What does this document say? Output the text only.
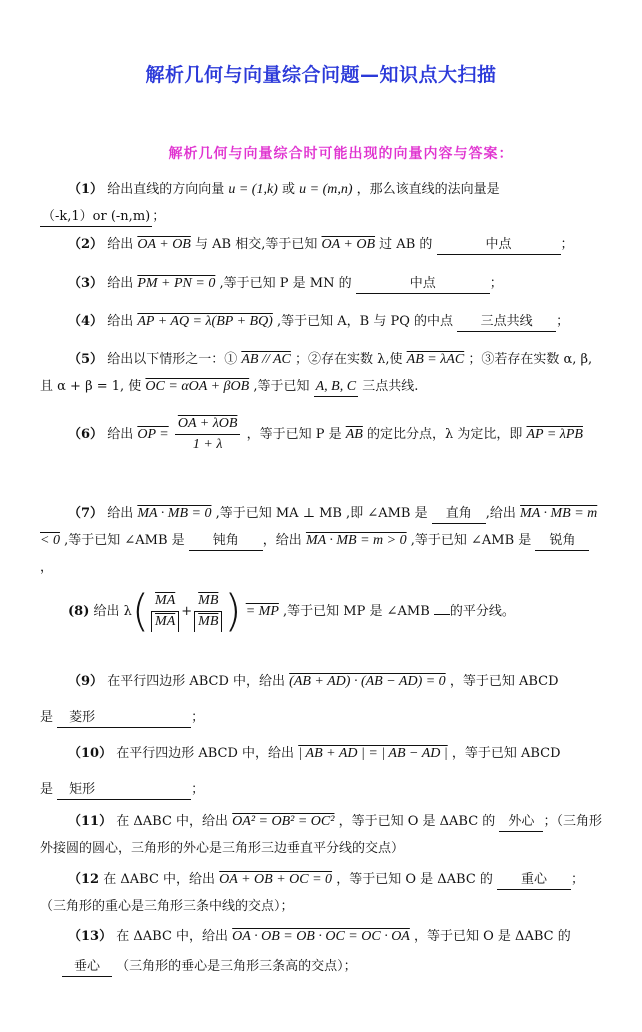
解析几何与向量综合问题—知识点大扫描
解析几何与向量综合时可能出现的向量内容与答案：
（1） 给出直线的方向向量 u = (1,k) 或 u = (m,n) ，那么该直线的法向量是 （-k,1）or (-n,m) ；
（2） 给出 OA + OB 与 AB 相交,等于已知 OA + OB 过 AB 的	中点	；
（3） 给出 PM + PN = 0 ,等于已知 P 是 MN 的	中点	；
（4） 给出 AP + AQ = λ(BP + BQ) ,等于已知 A，B 与 PQ 的中点 三点共线 ；
（5） 给出以下情形之一：① AB // AC ；②存在实数 λ,使 AB = λAC ；③若存在实数 α, β, 且 α + β = 1, 使 OC = αOA + βOB ,等于已知 A, B, C 三点共线.
（6） 给出 OP = $\frac{\text{OA + λOB}}{1 + \lambda}$ ，等于已知 P 是 $\overline{AB}$ 的定比分点，λ 为定比，即 AP = λPB
（7） 给出 MA · MB = 0 ,等于已知 MA ⊥ MB ,即 ∠AMB 是 直角 ,给出 MA · MB = m < 0 ,等于已知 ∠AMB 是 钝角 ，给出 MA · MB = m > 0 ,等于已知 ∠AMB 是 锐角，
(8) 给出 $\lambda( \frac{\overline{MA}}{MA} + \frac{\overline{MB}}{MB}$ ) = MP ,等于已知 MP 是 ∠AMB 的平分线。
（9） 在平行四边形 ABCD 中，给出 (AB + AD) · (AB − AD) = 0 ，等于已知 ABCD
是 菱形	；
（10） 在平行四边形 ABCD 中，给出 | AB + AD | = | AB − AD | ，等于已知 ABCD
是 矩形	；
（11） 在 ΔABC 中，给出 OA² = OB² = OC² ，等于已知 O 是 ΔABC 的 外心 ；（三角形外接圆的圆心，三角形的外心是三角形三边垂直平分线的交点）
（12 在 ΔABC 中，给出 OA + OB + OC = 0 ，等于已知 O 是 ΔABC 的 重心 ；（三角形的重心是三角形三条中线的交点）；
（13） 在 ΔABC 中，给出 OA · OB = OB · OC = OC · OA ，等于已知 O 是 ΔABC 的
垂心 （三角形的垂心是三角形三条高的交点）；
